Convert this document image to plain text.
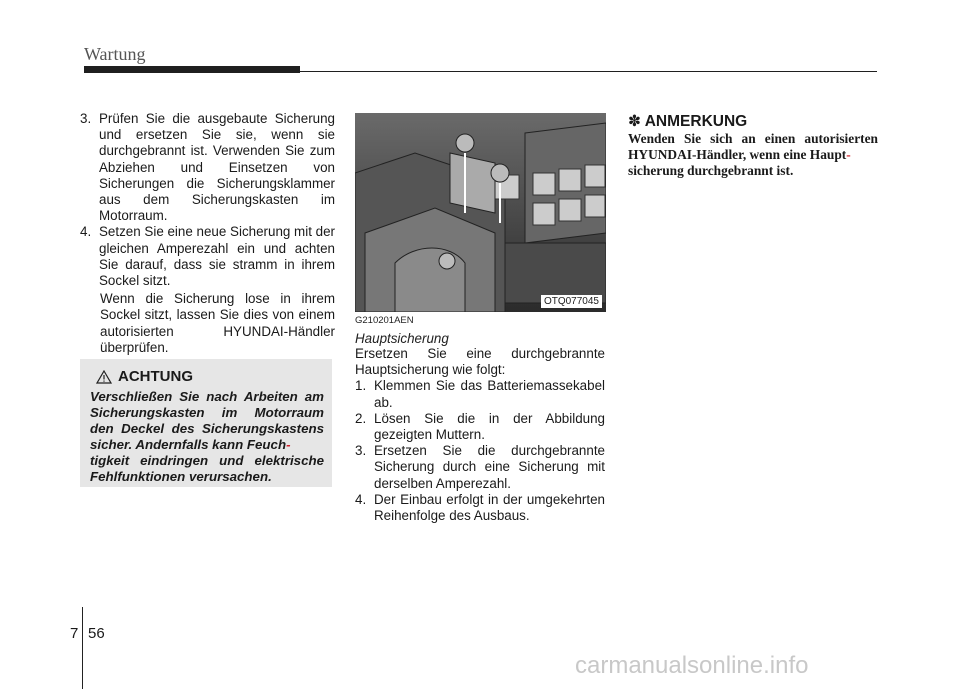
Wartung
3. Prüfen Sie die ausgebaute Sicherung und ersetzen Sie sie, wenn sie durchgebrannt ist. Verwenden Sie zum Abziehen und Einsetzen von Sicherungen die Sicherungsklammer aus dem Sicherungskasten im Motorraum.
4. Setzen Sie eine neue Sicherung mit der gleichen Amperezahl ein und achten Sie darauf, dass sie stramm in ihrem Sockel sitzt.
Wenn die Sicherung lose in ihrem Sockel sitzt, lassen Sie dies von einem autorisierten HYUNDAI-Händler überprüfen.
ACHTUNG
Verschließen Sie nach Arbeiten am Sicherungskasten im Motorraum den Deckel des Sicherungskastens sicher. Andernfalls kann Feuch-
tigkeit eindringen und elektrische Fehlfunktionen verursachen.
OTQ077045
G210201AEN
Hauptsicherung
Ersetzen Sie eine durchgebrannte Hauptsicherung wie folgt:
1. Klemmen Sie das Batteriemassekabel ab.
2. Lösen Sie die in der Abbildung gezeigten Muttern.
3. Ersetzen Sie die durchgebrannte Sicherung durch eine Sicherung mit derselben Amperezahl.
4. Der Einbau erfolgt in der umgekehrten Reihenfolge des Ausbaus.
✽ ANMERKUNG
Wenden Sie sich an einen autorisierten HYUNDAI-Händler, wenn eine Haupt-
sicherung durchgebrannt ist.
7 56
carmanualsonline.info
